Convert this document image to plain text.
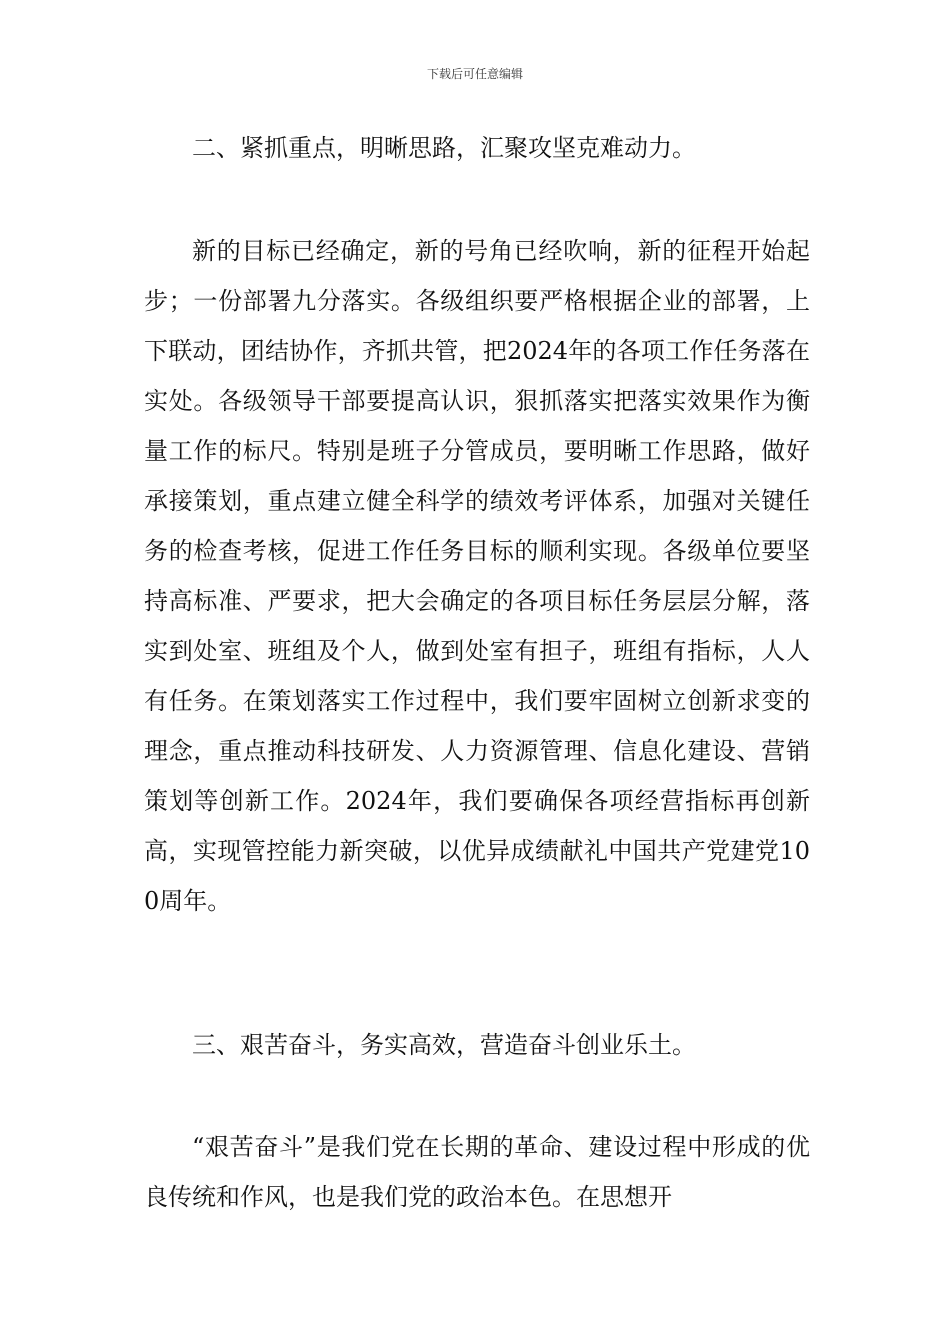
下载后可任意编辑
二、紧抓重点，明晰思路，汇聚攻坚克难动力。
新的目标已经确定，新的号角已经吹响，新的征程开始起步；一份部署九分落实。各级组织要严格根据企业的部署，上下联动，团结协作，齐抓共管，把2024年的各项工作任务落在实处。各级领导干部要提高认识，狠抓落实把落实效果作为衡量工作的标尺。特别是班子分管成员，要明晰工作思路，做好承接策划，重点建立健全科学的绩效考评体系，加强对关键任务的检查考核，促进工作任务目标的顺利实现。各级单位要坚持高标准、严要求，把大会确定的各项目标任务层层分解，落实到处室、班组及个人，做到处室有担子，班组有指标，人人有任务。在策划落实工作过程中，我们要牢固树立创新求变的理念，重点推动科技研发、人力资源管理、信息化建设、营销策划等创新工作。2024年，我们要确保各项经营指标再创新高，实现管控能力新突破，以优异成绩献礼中国共产党建党100周年。
三、艰苦奋斗，务实高效，营造奋斗创业乐土。
“艰苦奋斗”是我们党在长期的革命、建设过程中形成的优良传统和作风，也是我们党的政治本色。在思想开
